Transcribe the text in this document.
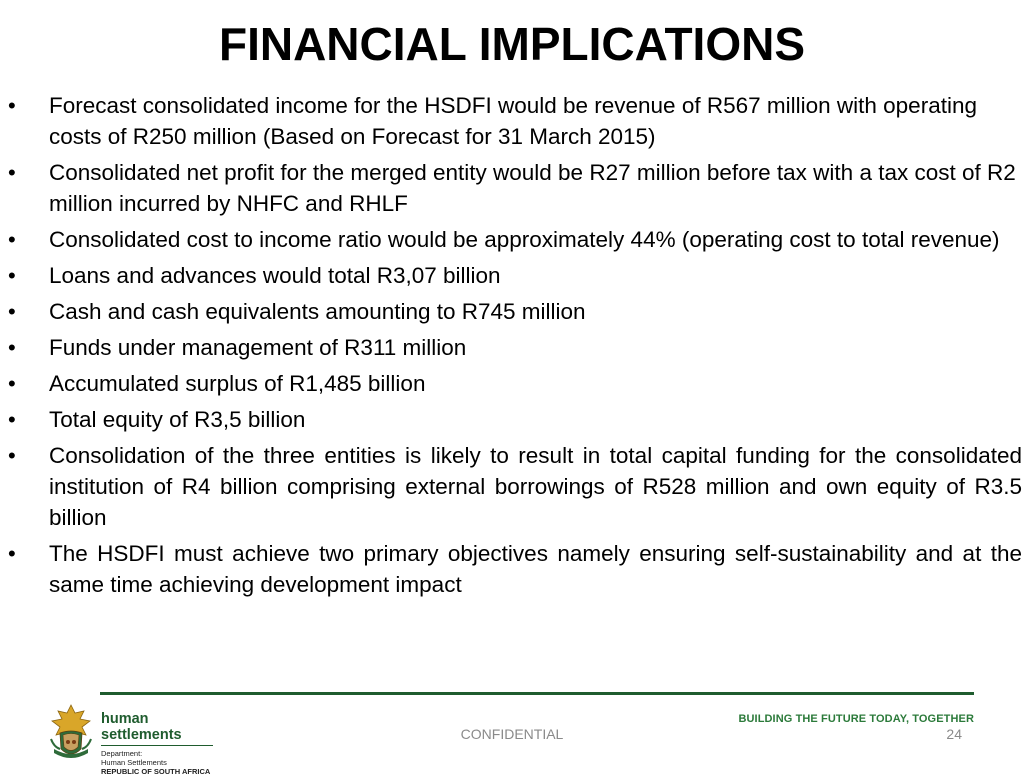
FINANCIAL IMPLICATIONS
• Forecast consolidated income for the HSDFI would be revenue of R567 million with operating costs of R250 million (Based on Forecast for 31 March 2015)
• Consolidated net profit for the merged entity would be R27 million before tax with a tax cost of R2 million incurred by NHFC and RHLF
• Consolidated cost to income ratio would be approximately 44% (operating cost to total revenue)
• Loans and advances would total R3,07 billion
• Cash and cash equivalents amounting to R745 million
• Funds under management of R311 million
• Accumulated surplus of R1,485 billion
• Total equity of R3,5 billion
• Consolidation of the three entities is likely to result in total capital funding for the consolidated institution of R4 billion comprising external borrowings of R528 million and own equity of R3.5 billion
• The HSDFI must achieve two primary objectives namely ensuring self-sustainability and at the same time achieving development impact
human settlements
Department:
Human Settlements
REPUBLIC OF SOUTH AFRICA
BUILDING THE FUTURE TODAY, TOGETHER
CONFIDENTIAL	24
